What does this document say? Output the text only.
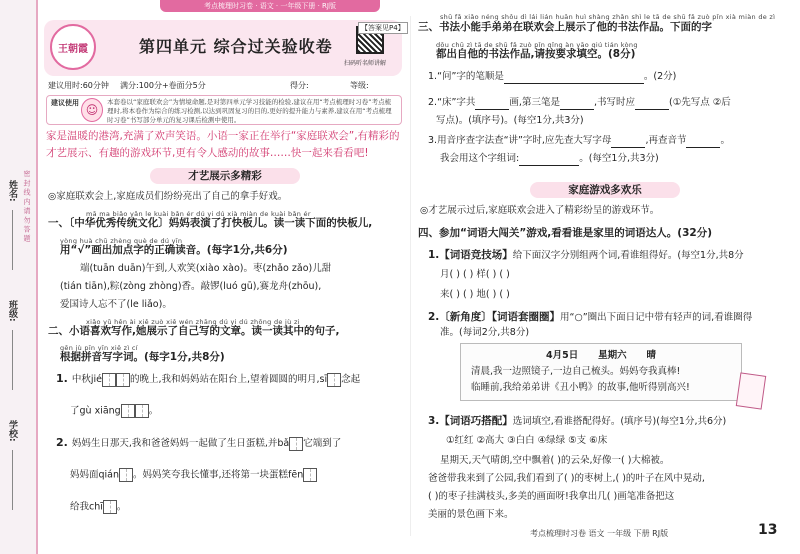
姓名:
班级:
学校:
密 封 线 内 请 勿 答 题
考点梳理时习卷 · 语文 · 一年级下册 · RJ版
王朝霞	第四单元 综合过关验收卷
扫码听名师讲解
【答案见P4】
建议用时:60分钟 满分:100分+卷面分5分	得分:	等级:
建议使用 ☺
本套卷以“家庭联欢会”为情境命题,是对第四单元学习技能的检验,建议在用“考点梳理时习卷”考点梳理时,将本卷作为综合的练习检测,以达到巩固复习的目的,更好的提升能力与素养,建议在用“考点梳理时习卷”书写部分单元的复习课后检测中使用。
家是温暖的港湾,充满了欢声笑语。小语一家正在举行“家庭联欢会”,有精彩的才艺展示、有趣的游戏环节,更有令人感动的故事……快一起来看看吧!
才艺展示多精彩
◎家庭联欢会上,家庭成员们纷纷亮出了自己的拿手好戏。
mā ma biǎo yǎn le kuài bǎn ér dú yi dú xià miàn de kuài bǎn ér
一、〔中华优秀传统文化〕妈妈表演了打快板儿。读一读下面的快板儿,
yòng huà chū zhèng què de dú yīn
用“√”画出加点字的正确读音。(每字1分,共6分)
端(tuān duān)午到,人欢笑(xiào xào)。枣(zhǎo zǎo)儿甜
(tián tiān),粽(zòng zhòng)香。敲锣(luó gū),赛龙舟(zhōu),
爱国诗人忘不了(le liǎo)。
xiǎo yǔ hěn ài xiě zuò xiě wén zhāng dú yi dú zhōng de jù zi
二、小语喜欢写作,她展示了自己写的文章。读一读其中的句子,
gēn jù pīn yīn xiě zì cí
根据拼音写字词。(每字1分,共8分)
1. 中秋jié	的晚上,我和妈妈站在阳台上,望着圆圆的明月,sī 念起
了gù xiāng	。
2. 妈妈生日那天,我和爸爸妈妈一起做了生日蛋糕,并bǎ 它端到了
妈妈面qián 。妈妈笑夸我长懂事,还将第一块蛋糕fēn
给我chī 。
shū fǎ xiǎo néng shǒu dì lái lián huān huì shàng zhǎn shì le tā de shū fǎ zuò pǐn xià miàn de zì
三、书法小能手弟弟在联欢会上展示了他的书法作品。下面的字
dōu chū zì tā de shū fǎ zuò pǐn qǐng àn yāo qiú tián kòng
都出自他的书法作品,请按要求填空。(8分)
1.“问”字的笔顺是	。(2分)
2.“床”字共	画,第三笔是	,书写时应	(①先写点 ②后
写点)。(填序号)。(每空1分,共3分)
3.用音序查字法查“讲”字时,应先查大写字母	,再查音节	。
我会用这个字组词:	。(每空1分,共3分)
家庭游戏多欢乐
◎才艺展示过后,家庭联欢会进入了精彩纷呈的游戏环节。
四、参加“词语大闯关”游戏,看看谁是家里的词语达人。(32分)
1.【词语竞技场】给下面汉字分别组两个词,看谁组得好。(每空1分,共8分
月( ) ( ) 样( ) ( )
来( ) ( ) 地( ) ( )
2.〔新角度〕【词语套圈圈】用“○”圈出下面日记中带有轻声的词,看谁圈得
准。(每词2分,共8分)
4月5日 星期六 晴
清晨,我一边照镜子,一边自己梳头。妈妈夸我真棒!
临睡前,我给弟弟讲《丑小鸭》的故事,他听得别高兴!
3.【词语巧搭配】选词填空,看谁搭配得好。(填序号)(每空1分,共6分)
①红红 ②高大 ③白白 ④绿绿 ⑤支 ⑥床
星期天,天气晴朗,空中飘着( )的云朵,好像一( )大棉被。
爸爸带我来到了公园,我们看到了( )的枣树上,( )的叶子在风中晃动,
( )的枣子挂满枝头,多美的画面呀!我拿出几( )画笔准备把这
美丽的景色画下来。
考点梳理时习卷 语文 一年级 下册 RJ版	13
